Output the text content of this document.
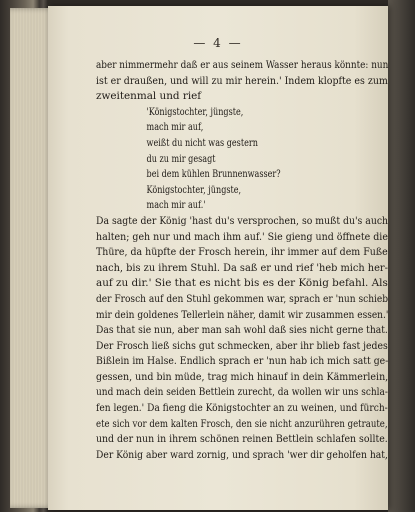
— 4 —
aber nimmermehr daß er aus seinem Wasser heraus könnte: nun
ist er draußen, und will zu mir herein.' Indem klopfte es zum
zweitenmal und rief
'Königstochter, jüngste,
mach mir auf,
weißt du nicht was gestern
du zu mir gesagt
bei dem kühlen Brunnenwasser?
Königstochter, jüngste,
mach mir auf.'
Da sagte der König 'hast du's versprochen, so mußt du's auch
halten; geh nur und mach ihm auf.' Sie gieng und öffnete die
Thüre, da hüpfte der Frosch herein, ihr immer auf dem Fuße
nach, bis zu ihrem Stuhl. Da saß er und rief 'heb mich her-
auf zu dir.' Sie that es nicht bis es der König befahl. Als
der Frosch auf den Stuhl gekommen war, sprach er 'nun schieb
mir dein goldenes Tellerlein näher, damit wir zusammen essen.'
Das that sie nun, aber man sah wohl daß sies nicht gerne that.
Der Frosch ließ sichs gut schmecken, aber ihr blieb fast jedes
Bißlein im Halse. Endlich sprach er 'nun hab ich mich satt ge-
gessen, und bin müde, trag mich hinauf in dein Kämmerlein,
und mach dein seiden Bettlein zurecht, da wollen wir uns schla-
fen legen.' Da fieng die Königstochter an zu weinen, und fürch-
ete sich vor dem kalten Frosch, den sie nicht anzurühren getraute,
und der nun in ihrem schönen reinen Bettlein schlafen sollte.
Der König aber ward zornig, und sprach 'wer dir geholfen hat,
